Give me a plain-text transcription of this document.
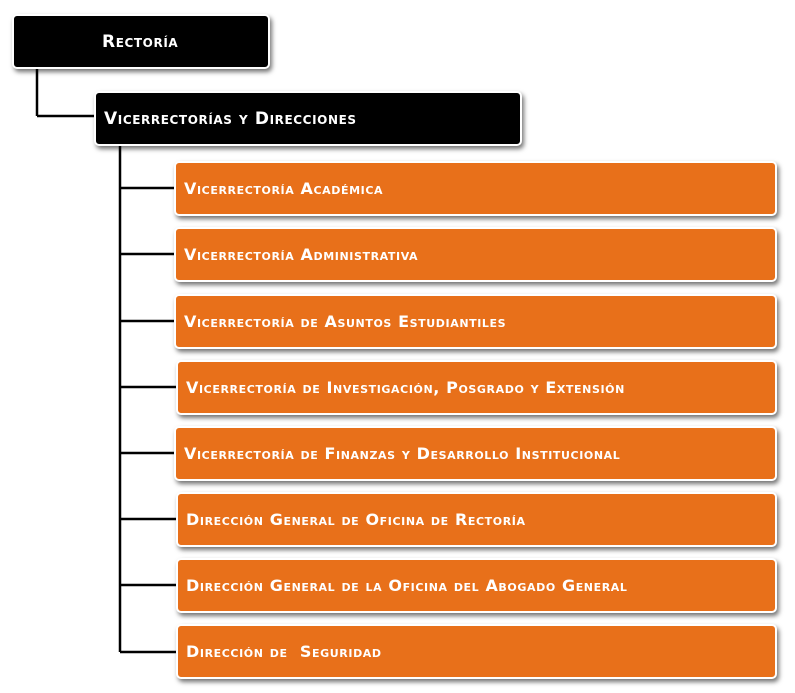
Rectoría
Vicerrectorías y Direcciones
Vicerrectoría Académica
Vicerrectoría Administrativa
Vicerrectoría de Asuntos Estudiantiles
Vicerrectoría de Investigación, Posgrado y Extensión
Vicerrectoría de Finanzas y Desarrollo Institucional
Dirección General de Oficina de Rectoría
Dirección General de la Oficina del Abogado General
Dirección de  Seguridad
